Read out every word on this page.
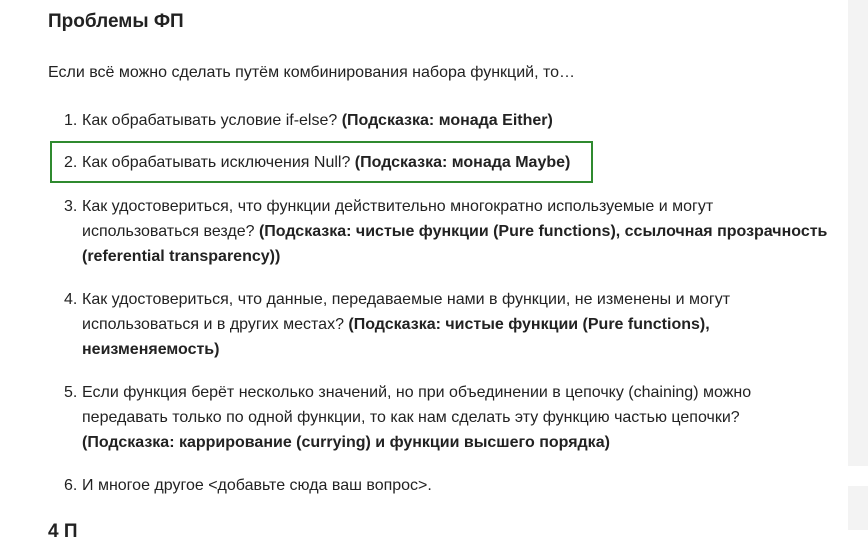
Проблемы ФП

Если всё можно сделать путём комбинирования набора функций, то…

1. Как обрабатывать условие if-else? (Подсказка: монада Either)
2. Как обрабатывать исключения Null? (Подсказка: монада Maybe)
3. Как удостовериться, что функции действительно многократно используемые и могут использоваться везде? (Подсказка: чистые функции (Pure functions), ссылочная прозрачность (referential transparency))
4. Как удостовериться, что данные, передаваемые нами в функции, не изменены и могут использоваться и в других местах? (Подсказка: чистые функции (Pure functions), неизменяемость)
5. Если функция берёт несколько значений, но при объединении в цепочку (chaining) можно передавать только по одной функции, то как нам сделать эту функцию частью цепочки? (Подсказка: каррирование (currying) и функции высшего порядка)
6. И многое другое <добавьте сюда ваш вопрос>.
4 П
